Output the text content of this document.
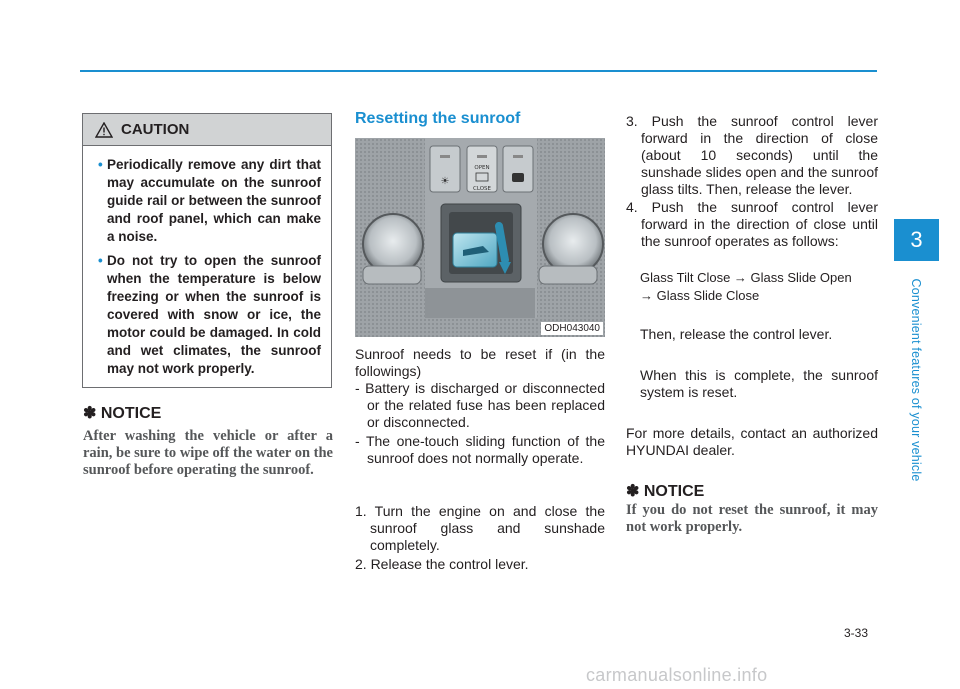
3
Convenient features of your vehicle
CAUTION
• Periodically remove any dirt that may accumulate on the sunroof guide rail or between the sunroof and roof panel, which can make a noise.
• Do not try to open the sunroof when the temperature is below freezing or when the sunroof is covered with snow or ice, the motor could be damaged. In cold and wet climates, the sunroof may not work properly.
✽ NOTICE
After washing the vehicle or after a rain, be sure to wipe off the water on the sunroof before operating the sunroof.
Resetting the sunroof
☀
OPEN
CLOSE
ODH043040
Sunroof needs to be reset if (in the followings)
- Battery is discharged or disconnected or the related fuse has been replaced or disconnected.
- The one-touch sliding function of the sunroof does not normally operate.
1. Turn the engine on and close the sunroof glass and sunshade completely.
2. Release the control lever.
3. Push the sunroof control lever forward in the direction of close (about 10 seconds) until the sunshade slides open and the sunroof glass tilts. Then, release the lever.
4. Push the sunroof control lever forward in the direction of close until the sunroof operates as follows:
Glass Tilt Close → Glass Slide Open
→ Glass Slide Close
Then, release the control lever.
When this is complete, the sunroof system is reset.
For more details, contact an authorized HYUNDAI dealer.
✽ NOTICE
If you do not reset the sunroof, it may not work properly.
3-33
carmanualsonline.info
